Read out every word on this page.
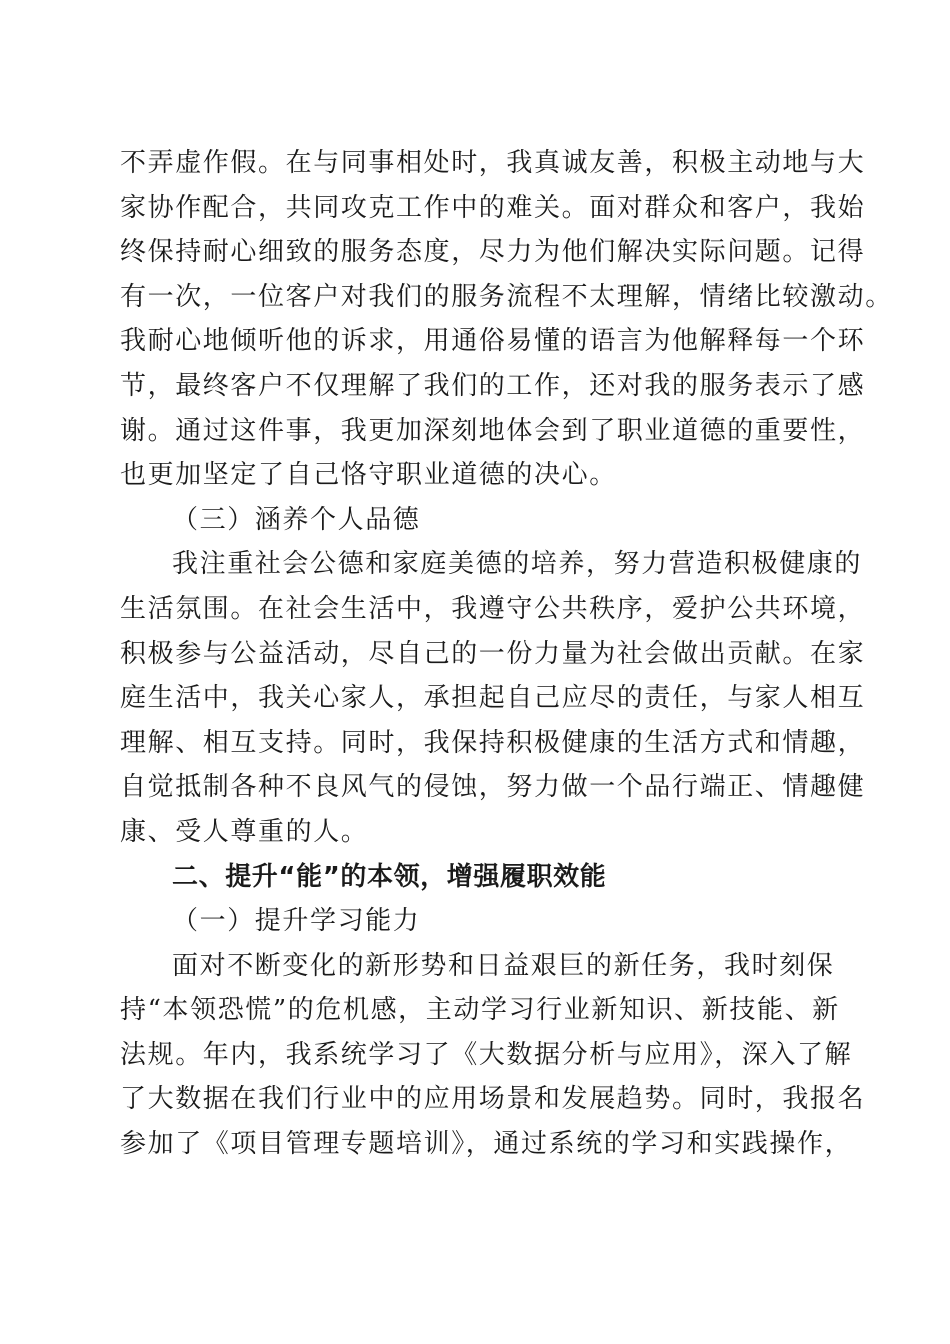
不弄虚作假。在与同事相处时，我真诚友善，积极主动地与大
家协作配合，共同攻克工作中的难关。面对群众和客户，我始
终保持耐心细致的服务态度，尽力为他们解决实际问题。记得
有一次，一位客户对我们的服务流程不太理解，情绪比较激动。
我耐心地倾听他的诉求，用通俗易懂的语言为他解释每一个环
节，最终客户不仅理解了我们的工作，还对我的服务表示了感
谢。通过这件事，我更加深刻地体会到了职业道德的重要性，
也更加坚定了自己恪守职业道德的决心。
（三）涵养个人品德
我注重社会公德和家庭美德的培养，努力营造积极健康的
生活氛围。在社会生活中，我遵守公共秩序，爱护公共环境，
积极参与公益活动，尽自己的一份力量为社会做出贡献。在家
庭生活中，我关心家人，承担起自己应尽的责任，与家人相互
理解、相互支持。同时，我保持积极健康的生活方式和情趣，
自觉抵制各种不良风气的侵蚀，努力做一个品行端正、情趣健
康、受人尊重的人。
二、提升“能”的本领，增强履职效能
（一）提升学习能力
面对不断变化的新形势和日益艰巨的新任务，我时刻保
持“本领恐慌”的危机感，主动学习行业新知识、新技能、新
法规。年内，我系统学习了《大数据分析与应用》，深入了解
了大数据在我们行业中的应用场景和发展趋势。同时，我报名
参加了《项目管理专题培训》，通过系统的学习和实践操作，
